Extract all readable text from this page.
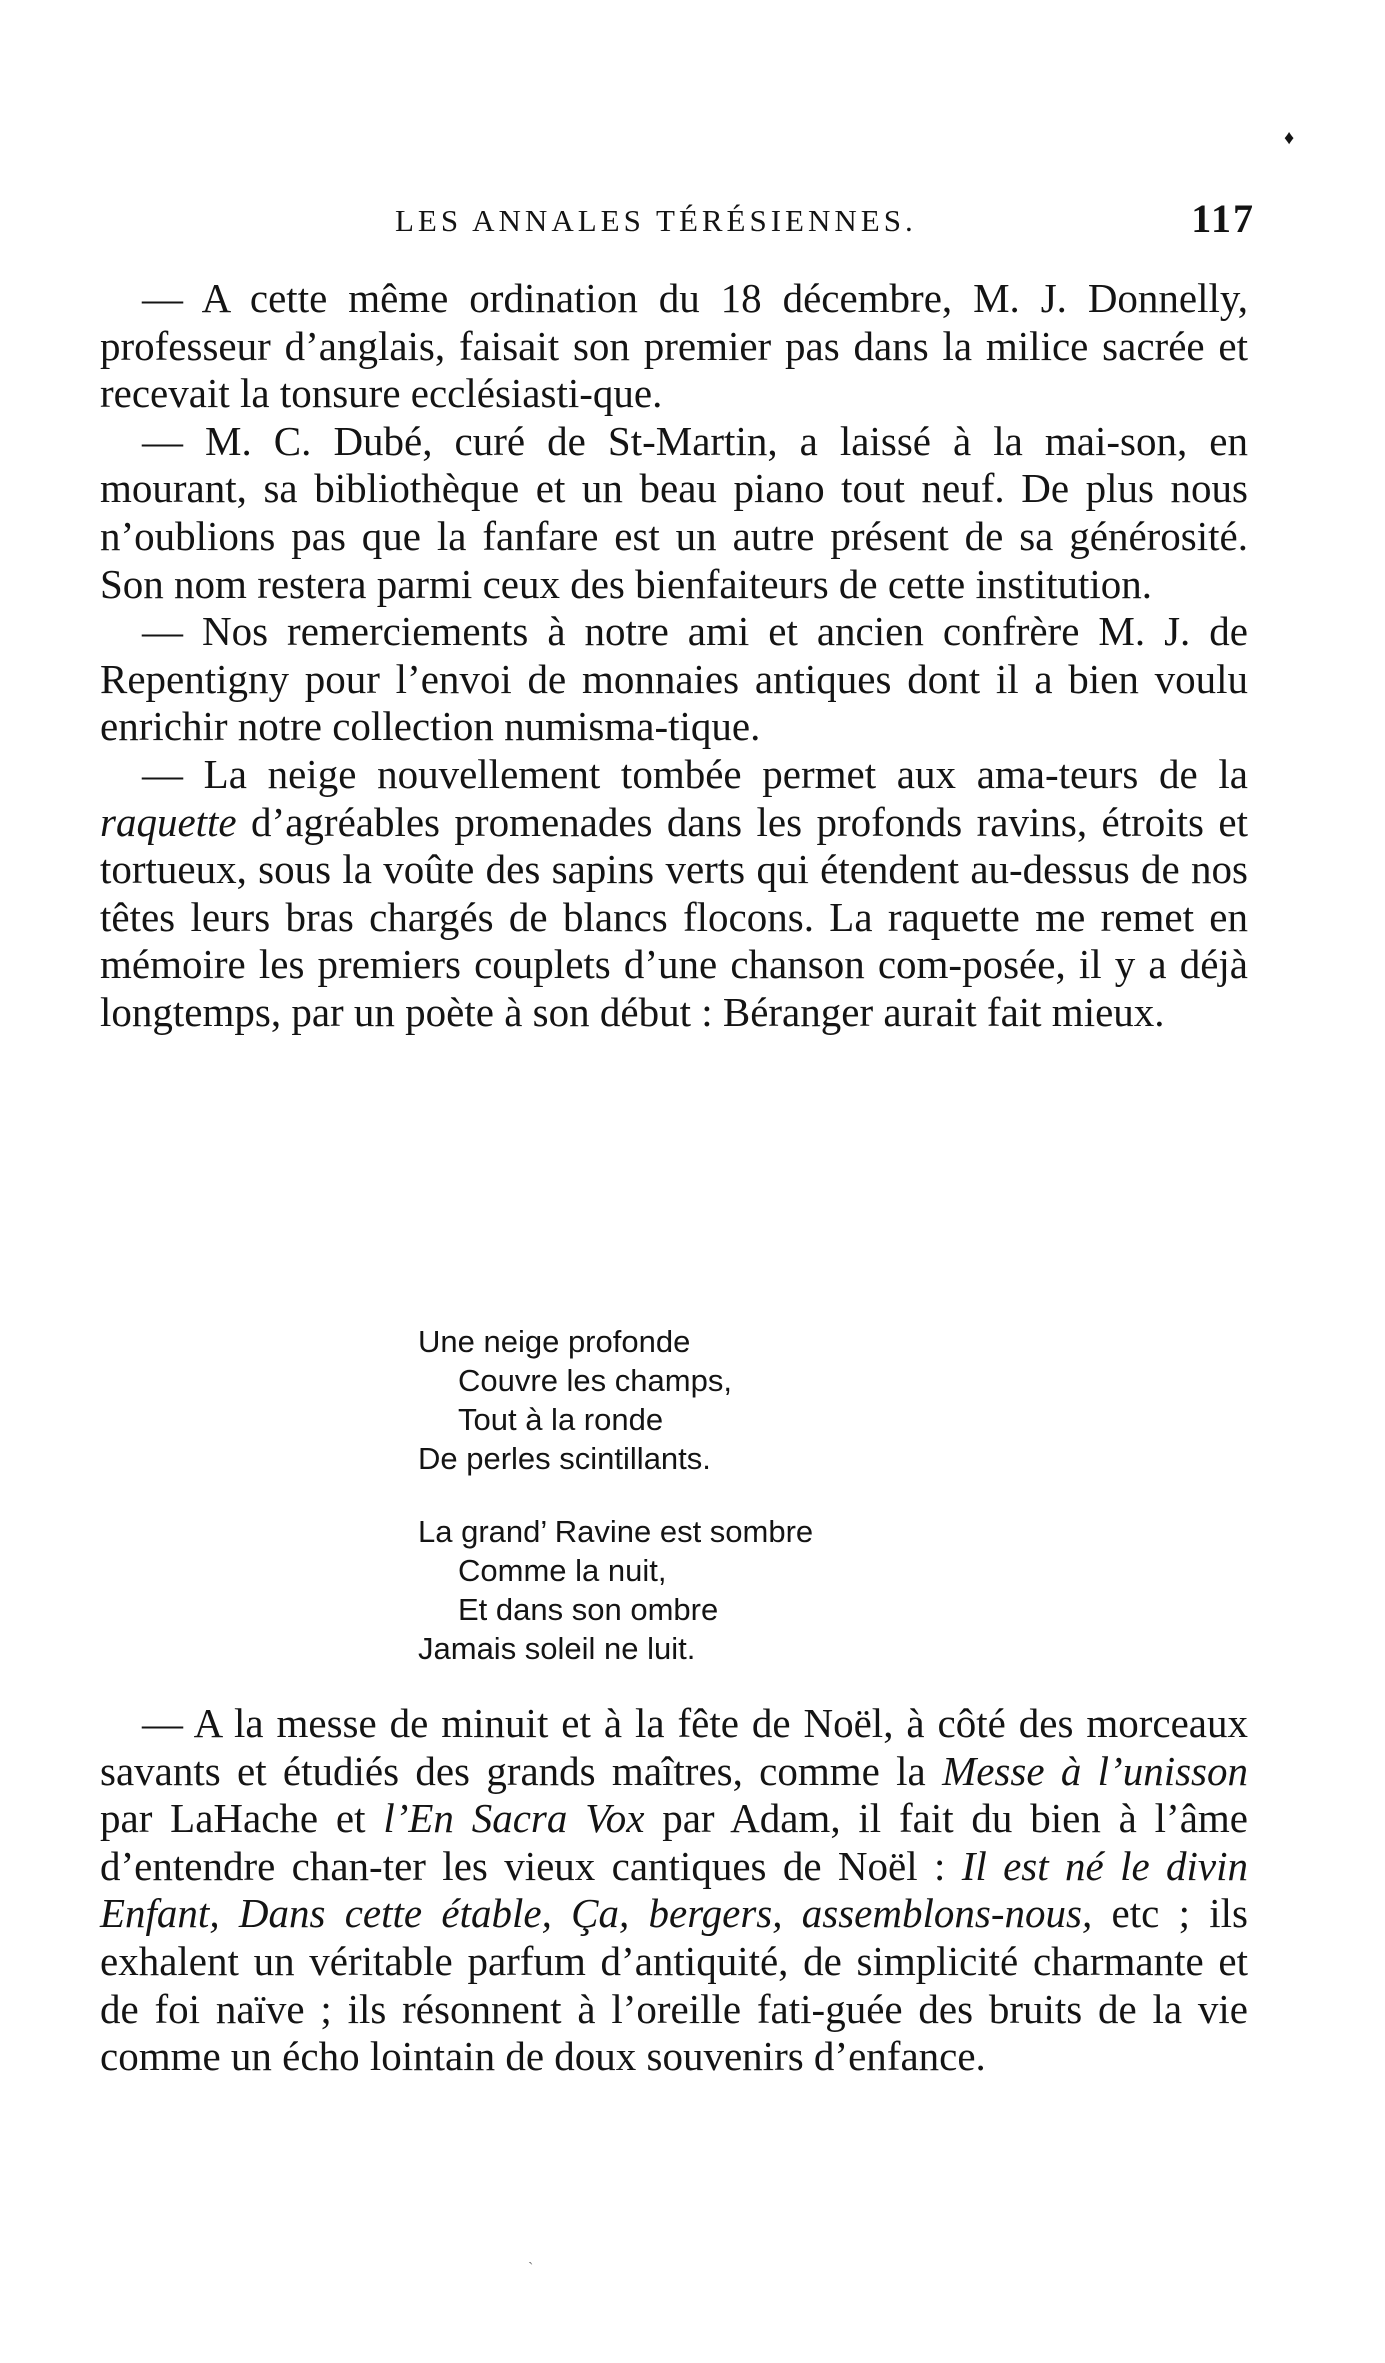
♦
LES ANNALES TÉRÉSIENNES.	117

— A cette même ordination du 18 décembre, M. J. Donnelly, professeur d’anglais, faisait son premier pas dans la milice sacrée et recevait la tonsure ecclésiasti-que.

— M. C. Dubé, curé de St-Martin, a laissé à la mai-son, en mourant, sa bibliothèque et un beau piano tout neuf. De plus nous n’oublions pas que la fanfare est un autre présent de sa générosité. Son nom restera parmi ceux des bienfaiteurs de cette institution.

— Nos remerciements à notre ami et ancien confrère M. J. de Repentigny pour l’envoi de monnaies antiques dont il a bien voulu enrichir notre collection numisma-tique.

— La neige nouvellement tombée permet aux ama-teurs de la raquette d’agréables promenades dans les profonds ravins, étroits et tortueux, sous la voûte des sapins verts qui étendent au-dessus de nos têtes leurs bras chargés de blancs flocons. La raquette me remet en mémoire les premiers couplets d’une chanson com-posée, il y a déjà longtemps, par un poète à son début : Béranger aurait fait mieux.

Une neige profonde
Couvre les champs,
Tout à la ronde
De perles scintillants.
La grand’ Ravine est sombre
Comme la nuit,
Et dans son ombre
Jamais soleil ne luit.

— A la messe de minuit et à la fête de Noël, à côté des morceaux savants et étudiés des grands maîtres, comme la Messe à l’unisson par LaHache et l’En Sacra Vox par Adam, il fait du bien à l’âme d’entendre chan-ter les vieux cantiques de Noël : Il est né le divin Enfant, Dans cette étable, Ça, bergers, assemblons-nous, etc ; ils exhalent un véritable parfum d’antiquité, de simplicité charmante et de foi naïve ; ils résonnent à l’oreille fati-guée des bruits de la vie comme un écho lointain de doux souvenirs d’enfance.

ˏ
